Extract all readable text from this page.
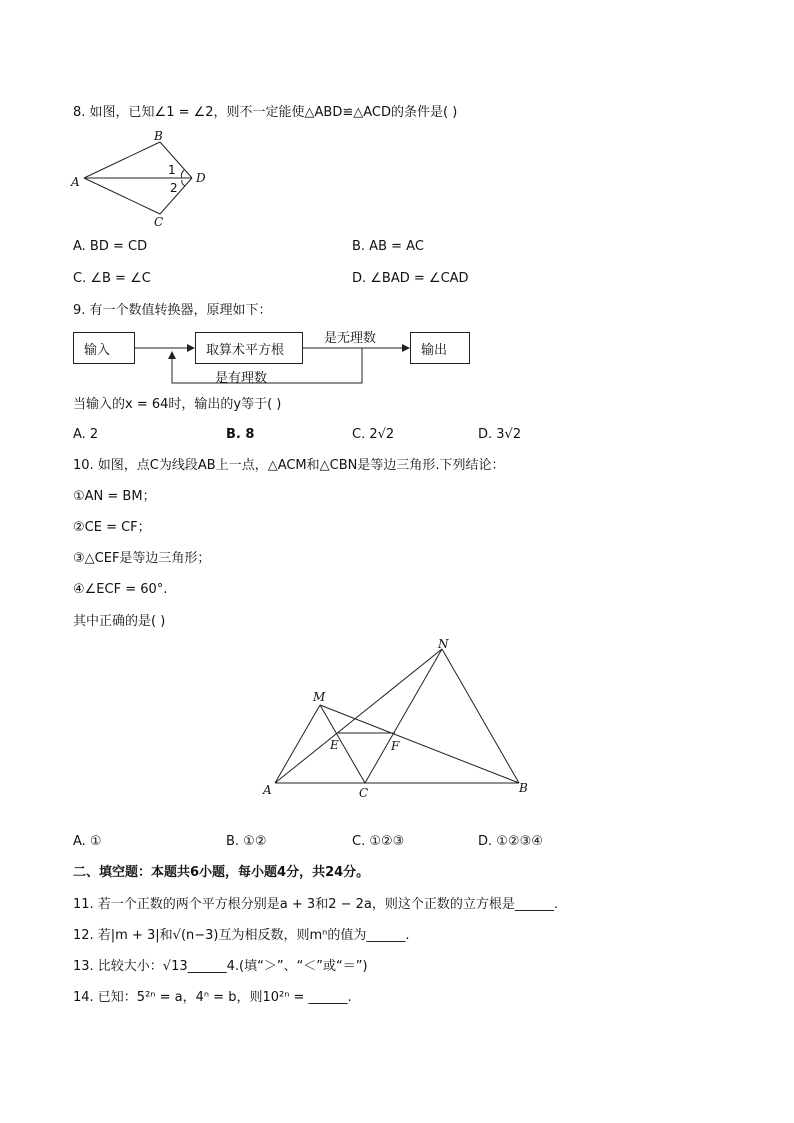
8. 如图，已知∠1 = ∠2，则不一定能使△ABD≌△ACD的条件是( )
A
B
C
D
1
2
A. BD = CD	B. AB = AC
C. ∠B = ∠C	D. ∠BAD = ∠CAD
9. 有一个数值转换器，原理如下：
输入	取算术平方根	输出
是无理数
是有理数
当输入的x = 64时，输出的y等于( )
A. 2	B. 8	C. 2√2	D. 3√2
10. 如图，点C为线段AB上一点，△ACM和△CBN是等边三角形.下列结论：
①AN = BM；
②CE = CF；
③△CEF是等边三角形；
④∠ECF = 60°.
其中正确的是( )
A	B
C
M
N
E	F
A. ①	B. ①②	C. ①②③	D. ①②③④
二、填空题：本题共6小题，每小题4分，共24分。
11. 若一个正数的两个平方根分别是a + 3和2 − 2a，则这个正数的立方根是______.
12. 若|m + 3|和√(n−3)互为相反数，则mⁿ的值为______.
13. 比较大小：√13______4.(填“＞”、“＜”或“＝”)
14. 已知：5²ⁿ = a，4ⁿ = b，则10²ⁿ = ______.
